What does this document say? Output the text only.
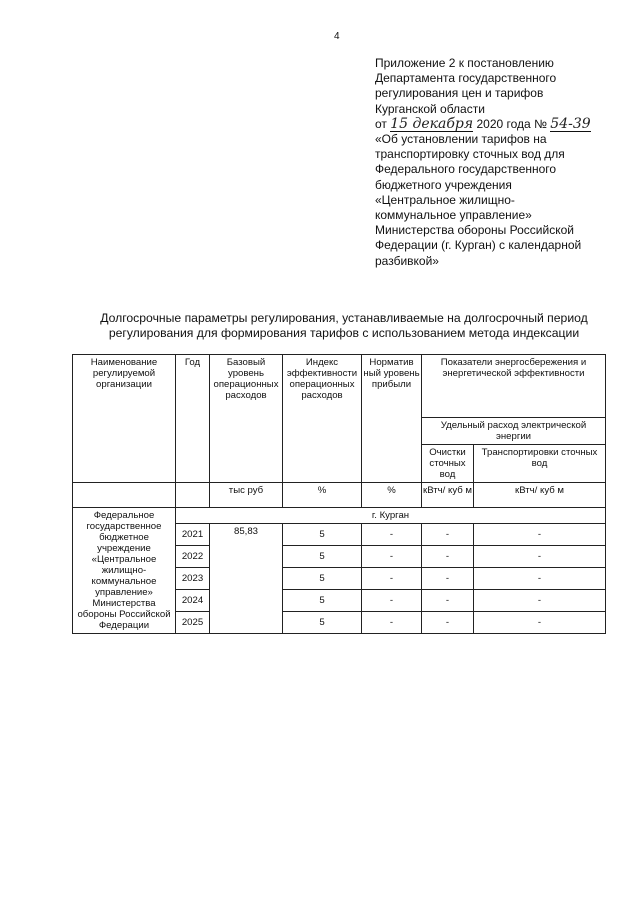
4
Приложение 2 к постановлению
Департамента государственного
регулирования цен и тарифов
Курганской области
от 15 декабря 2020 года № 54-39
«Об установлении тарифов на
транспортировку сточных вод для
Федерального государственного
бюджетного учреждения
«Центральное жилищно-
коммунальное управление»
Министерства обороны Российской
Федерации (г. Курган) с календарной
разбивкой»
Долгосрочные параметры регулирования, устанавливаемые на долгосрочный период
регулирования для формирования тарифов с использованием метода индексации
Наименование регулируемой организации	Год	Базовый уровень операционных расходов	Индекс эффективности операционных расходов	Норматив ный уровень прибыли	Показатели энергосбережения и энергетической эффективности	
					Удельный расход электрической энергии	
					Очистки сточных вод	Транспортировки сточных вод
		тыс руб	%	%	кВтч/ куб м	кВтч/ куб м
Федеральное государственное бюджетное учреждение «Центральное жилищно-коммунальное управление» Министерства обороны Российской Федерации	г. Курган					
	2021	85,83	5	-	-	-
	2022		5	-	-	-
	2023		5	-	-	-
	2024		5	-	-	-
	2025		5	-	-	-
